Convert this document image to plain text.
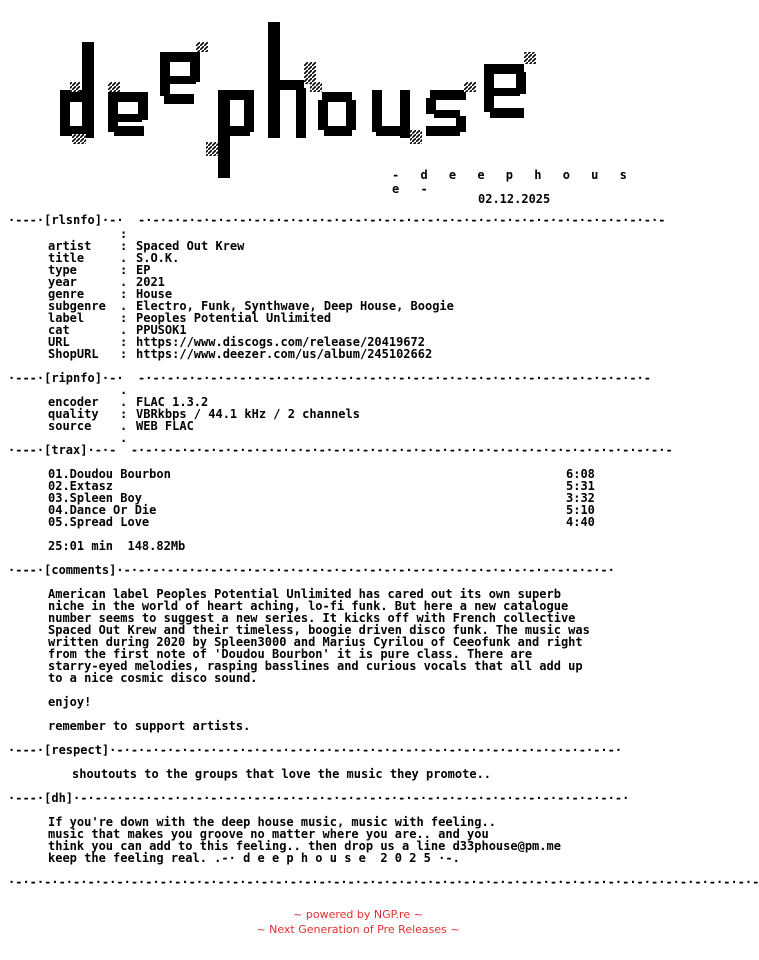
- d e e p h o u s e -
02.12.2025
·---·[rlsnfo]·-·  -·-·-·-·-·-·-·-·-·-·-·-·-·-·-·-·-·-·-·-·-·-·-·-·-·-·-·-·-·-·-·-·-·-·-·-·-
:
artist	: Spaced Out Krew
title	. S.O.K.
type	: EP
year	. 2021
genre	: House
subgenre	. Electro, Funk, Synthwave, Deep House, Boogie
label	: Peoples Potential Unlimited
cat	. PPUSOK1
URL	: https://www.discogs.com/release/20419672
ShopURL	: https://www.deezer.com/us/album/245102662
·---·[ripnfo]·-·  -·-·-·-·-·-·-·-·-·-·-·-·-·-·-·-·-·-·-·-·-·-·-·-·-·-·-·-·-·-·-·-·-·-·-·-
.
encoder	. FLAC 1.3.2
quality	: VBRkbps / 44.1 kHz / 2 channels
source	. WEB FLAC
.
·---·[trax]·-·-  -·-·-·-·-·-·-·-·-·-·-·-·-·-·-·-·-·-·-·-·-·-·-·-·-·-·-·-·-·-·-·-·-·-·-·-·-·-
01.Doudou Bourbon	6:08
02.Extasz	5:31
03.Spleen Boy	3:32
04.Dance Or Die	5:10
05.Spread Love	4:40
25:01 min  148.82Mb
·---·[comments]·-·-·-·-·-·-·-·-·-·-·-·-·-·-·-·-·-·-·-·-·-·-·-·-·-·-·-·-·-·-·-·-·-·-·
American label Peoples Potential Unlimited has cared out its own superb
niche in the world of heart aching, lo-fi funk. But here a new catalogue
number seems to suggest a new series. It kicks off with French collective
Spaced Out Krew and their timeless, boogie driven disco funk. The music was
written during 2020 by Spleen3000 and Marius Cyrilou of Ceeofunk and right
from the first note of 'Doudou Bourbon' it is pure class. There are
starry-eyed melodies, rasping basslines and curious vocals that all add up
to a nice cosmic disco sound.
enjoy!
remember to support artists.
·---·[respect]·-·-·-·-·-·-·-·-·-·-·-·-·-·-·-·-·-·-·-·-·-·-·-·-·-·-·-·-·-·-·-·-·-·-·-·
shoutouts to the groups that love the music they promote..
·---·[dh]·-·-·-·-·-·-·-·-·-·-·-·-·-·-·-·-·-·-·-·-·-·-·-·-·-·-·-·-·-·-·-·-·-·-·-·-·-·-·
If you're down with the deep house music, music with feeling..
music that makes you groove no matter where you are.. and you
think you can add to this feeling.. then drop us a line d33phouse@pm.me
keep the feeling real. .-· d e e p h o u s e  2 0 2 5 ·-.
·-·-·-·-·-·-·-·-·-·-·-·-·-·-·-·-·-·-·-·-·-·-·-·-·-·-·-·-·-·-·-·-·-·-·-·-·-·-·-·-·-·-·-·-·-·-·-·-·-·-·-·-
~ powered by NGP.re ~
~ Next Generation of Pre Releases ~
